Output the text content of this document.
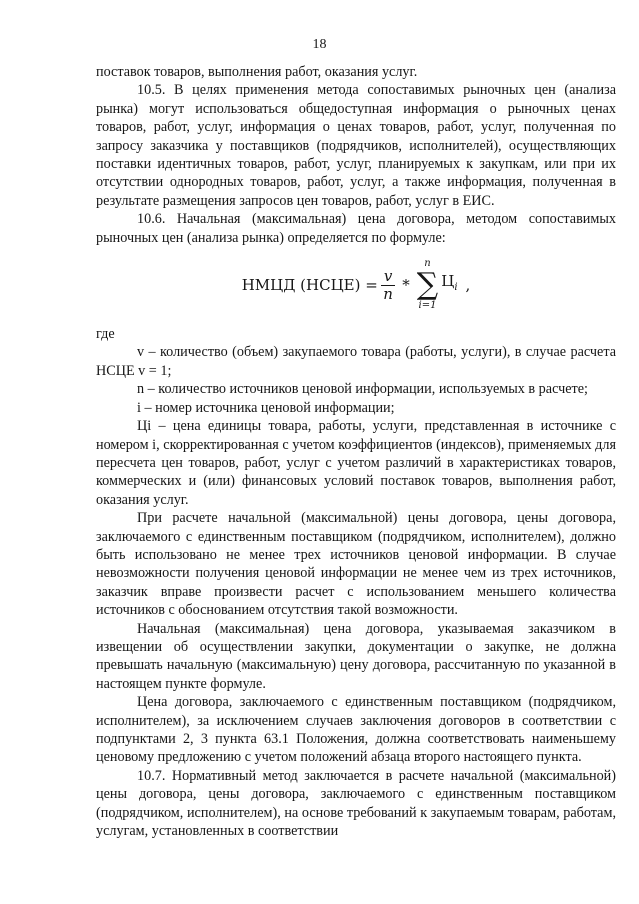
18

поставок товаров, выполнения работ, оказания услуг.

10.5. В целях применения метода сопоставимых рыночных цен (анализа рынка) могут использоваться общедоступная информация о рыночных ценах товаров, работ, услуг, информация о ценах товаров, работ, услуг, полученная по запросу заказчика у поставщиков (подрядчиков, исполнителей), осуществляющих поставки идентичных товаров, работ, услуг, планируемых к закупкам, или при их отсутствии однородных товаров, работ, услуг, а также информация, полученная в результате размещения запросов цен товаров, работ, услуг в ЕИС.

10.6. Начальная (максимальная) цена договора, методом сопоставимых рыночных цен (анализа рынка) определяется по формуле:

НМЦД (НСЦЕ) = $\frac{v}{n}$ *
n
∑
i=1
$Ц_i$ ,

где

v – количество (объем) закупаемого товара (работы, услуги), в случае расчета НСЦЕ v = 1;

n – количество источников ценовой информации, используемых в расчете;

i – номер источника ценовой информации;

Цi – цена единицы товара, работы, услуги, представленная в источнике с номером i, скорректированная с учетом коэффициентов (индексов), применяемых для пересчета цен товаров, работ, услуг с учетом различий в характеристиках товаров, коммерческих и (или) финансовых условий поставок товаров, выполнения работ, оказания услуг.

При расчете начальной (максимальной) цены договора, цены договора, заключаемого с единственным поставщиком (подрядчиком, исполнителем), должно быть использовано не менее трех источников ценовой информации. В случае невозможности получения ценовой информации не менее чем из трех источников, заказчик вправе произвести расчет с использованием меньшего количества источников с обоснованием отсутствия такой возможности.

Начальная (максимальная) цена договора, указываемая заказчиком в извещении об осуществлении закупки, документации о закупке, не должна превышать начальную (максимальную) цену договора, рассчитанную по указанной в настоящем пункте формуле.

Цена договора, заключаемого с единственным поставщиком (подрядчиком, исполнителем), за исключением случаев заключения договоров в соответствии с подпунктами 2, 3 пункта 63.1 Положения, должна соответствовать наименьшему ценовому предложению с учетом положений абзаца второго настоящего пункта.

10.7. Нормативный метод заключается в расчете начальной (максимальной) цены договора, цены договора, заключаемого с единственным поставщиком (подрядчиком, исполнителем), на основе требований к закупаемым товарам, работам, услугам, установленных в соответствии
